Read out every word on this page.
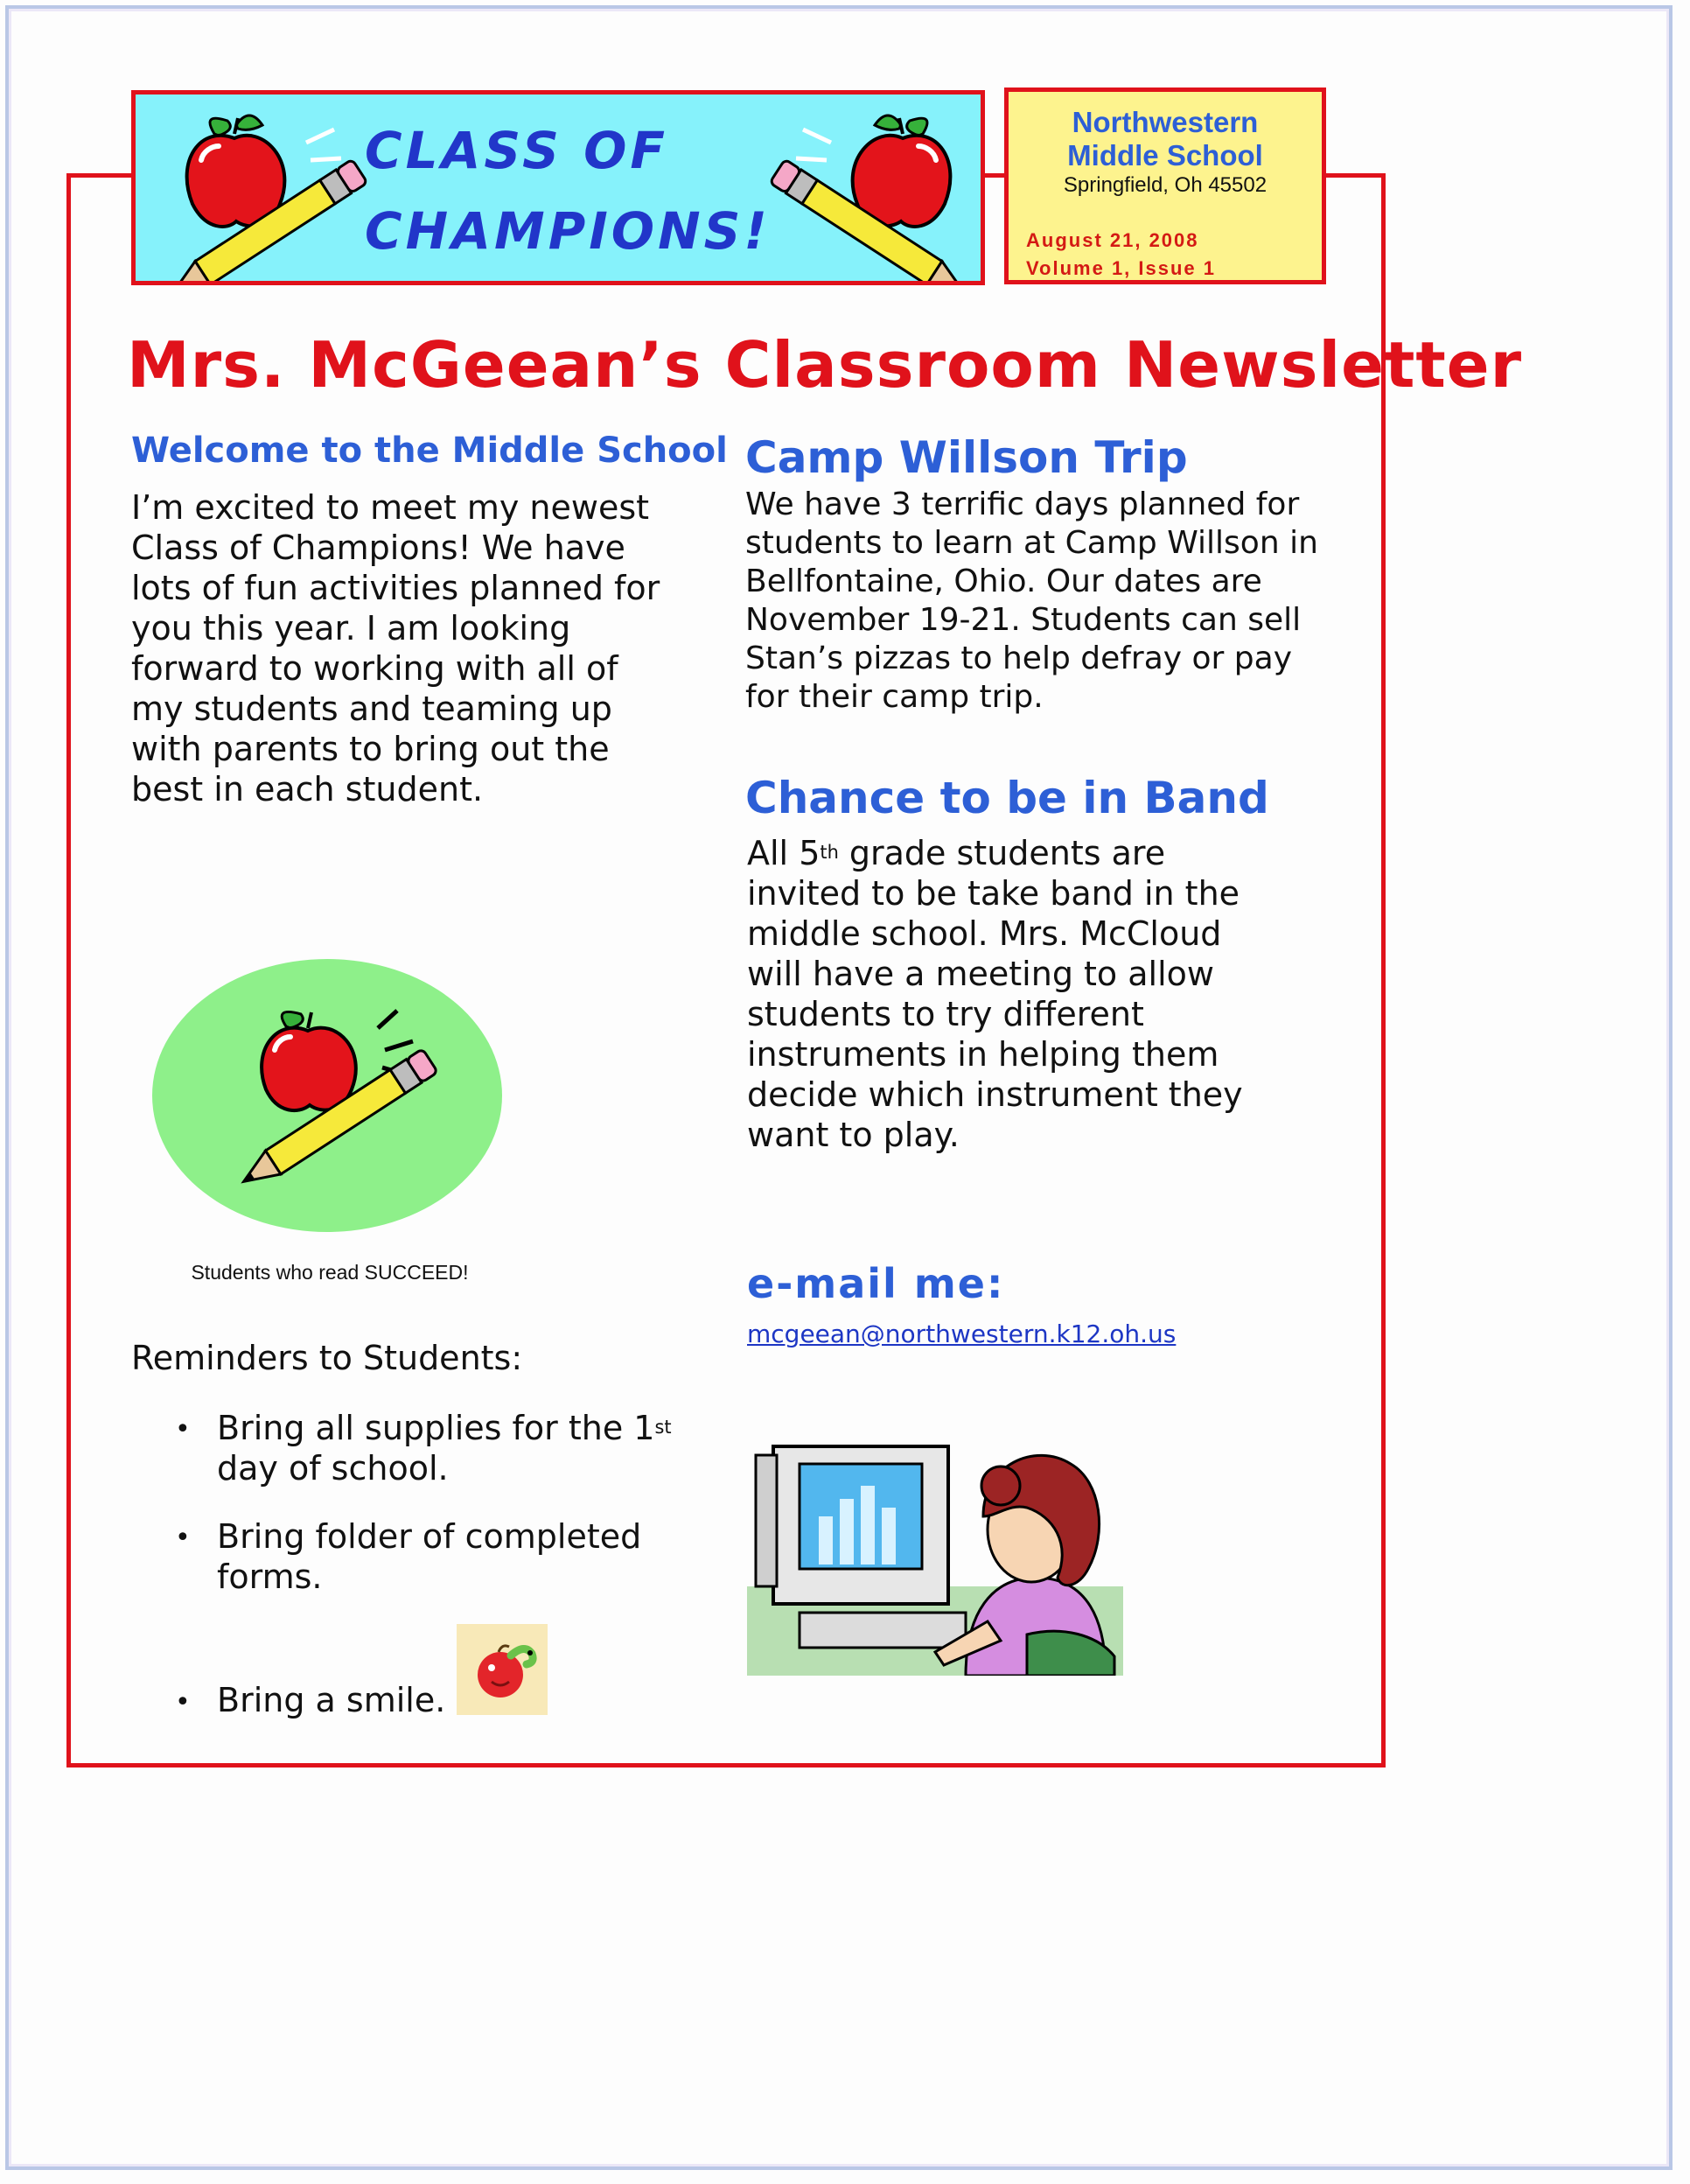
CLASS OF
CHAMPIONS!
Northwestern
Middle School
Springfield, Oh 45502
August 21, 2008
Volume 1, Issue 1
Mrs. McGeean’s Classroom Newsletter
Welcome to the Middle School
I’m excited to meet my newest
Class of Champions! We have
lots of fun activities planned for
you this year. I am looking
forward to working with all of
my students and teaming up
with parents to bring out the
best in each student.
Camp Willson Trip
We have 3 terrific days planned for
students to learn at Camp Willson in
Bellfontaine, Ohio. Our dates are
November 19-21. Students can sell
Stan’s pizzas to help defray or pay
for their camp trip.
Chance to be in Band
All 5th grade students are
invited to be take band in the
middle school. Mrs. McCloud
will have a meeting to allow
students to try different
instruments in helping them
decide which instrument they
want to play.
Students who read SUCCEED!
Reminders to Students:
• Bring all supplies for the 1st
day of school.
• Bring folder of completed
forms.
• Bring a smile.
e-mail me:
mcgeean@northwestern.k12.oh.us
